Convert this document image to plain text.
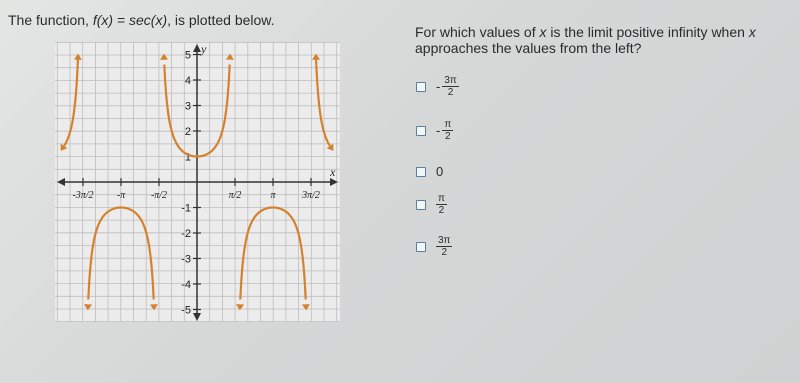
The function, f(x) = sec(x), is plotted below.
x
y
5
4
3
2
1
-1
-2
-3
-4
-5
-3π/2 -π	-π/2	π/2	π	3π/2
For which values of x is the limit positive infinity when x approaches the values from the left?
- $\frac{3\pi}{2}$
- $\frac{\pi}{2}$
0
$\frac{\pi}{2}$
$\frac{3\pi}{2}$
